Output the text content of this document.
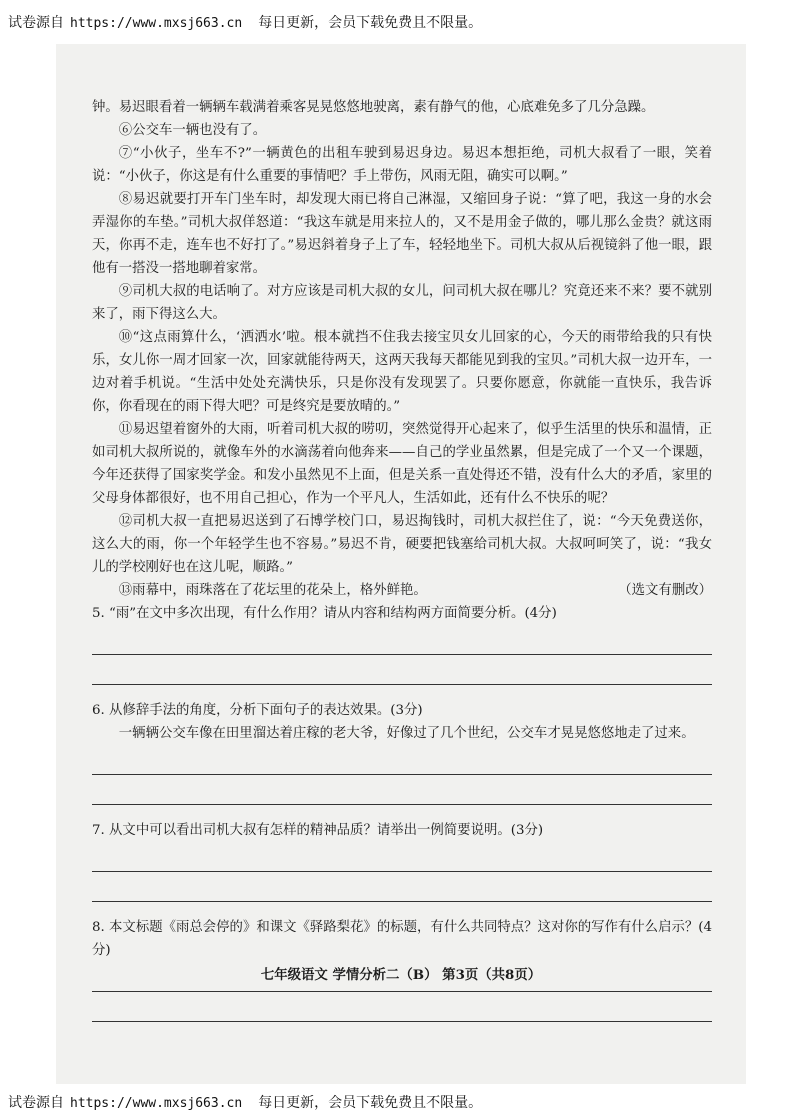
试卷源自 https://www.mxsj663.cn 每日更新，会员下载免费且不限量。

钟。易迟眼看着一辆辆车载满着乘客晃晃悠悠地驶离，素有静气的他，心底难免多了几分急躁。

⑥公交车一辆也没有了。

⑦“小伙子，坐车不?”一辆黄色的出租车驶到易迟身边。易迟本想拒绝，司机大叔看了一眼，笑着说：“小伙子，你这是有什么重要的事情吧？手上带伤，风雨无阻，确实可以啊。”

⑧易迟就要打开车门坐车时，却发现大雨已将自己淋湿，又缩回身子说：“算了吧，我这一身的水会弄湿你的车垫。”司机大叔佯怒道：“我这车就是用来拉人的，又不是用金子做的，哪儿那么金贵？就这雨天，你再不走，连车也不好打了。”易迟斜着身子上了车，轻轻地坐下。司机大叔从后视镜斜了他一眼，跟他有一搭没一搭地聊着家常。

⑨司机大叔的电话响了。对方应该是司机大叔的女儿，问司机大叔在哪儿？究竟还来不来？要不就别来了，雨下得这么大。

⑩“这点雨算什么，‘洒洒水’啦。根本就挡不住我去接宝贝女儿回家的心，今天的雨带给我的只有快乐，女儿你一周才回家一次，回家就能待两天，这两天我每天都能见到我的宝贝。”司机大叔一边开车，一边对着手机说。“生活中处处充满快乐，只是你没有发现罢了。只要你愿意，你就能一直快乐，我告诉你，你看现在的雨下得大吧？可是终究是要放晴的。”

⑪易迟望着窗外的大雨，听着司机大叔的唠叨，突然觉得开心起来了，似乎生活里的快乐和温情，正如司机大叔所说的，就像车外的水滴荡着向他奔来——自己的学业虽然累，但是完成了一个又一个课题，今年还获得了国家奖学金。和发小虽然见不上面，但是关系一直处得还不错，没有什么大的矛盾，家里的父母身体都很好，也不用自己担心，作为一个平凡人，生活如此，还有什么不快乐的呢？

⑫司机大叔一直把易迟送到了石博学校门口，易迟掏钱时，司机大叔拦住了，说：“今天免费送你，这么大的雨，你一个年轻学生也不容易。”易迟不肯，硬要把钱塞给司机大叔。大叔呵呵笑了，说：“我女儿的学校刚好也在这儿呢，顺路。”

⑬雨幕中，雨珠落在了花坛里的花朵上，格外鲜艳。	（选文有删改）

5. “雨”在文中多次出现，有什么作用？请从内容和结构两方面简要分析。(4分)

6. 从修辞手法的角度，分析下面句子的表达效果。(3分)

一辆辆公交车像在田里溜达着庄稼的老大爷，好像过了几个世纪，公交车才晃晃悠悠地走了过来。

7. 从文中可以看出司机大叔有怎样的精神品质？请举出一例简要说明。(3分)

8. 本文标题《雨总会停的》和课文《驿路梨花》的标题，有什么共同特点？这对你的写作有什么启示？(4分)

七年级语文 学情分析二（B） 第3页（共8页）
试卷源自 https://www.mxsj663.cn 每日更新，会员下载免费且不限量。
